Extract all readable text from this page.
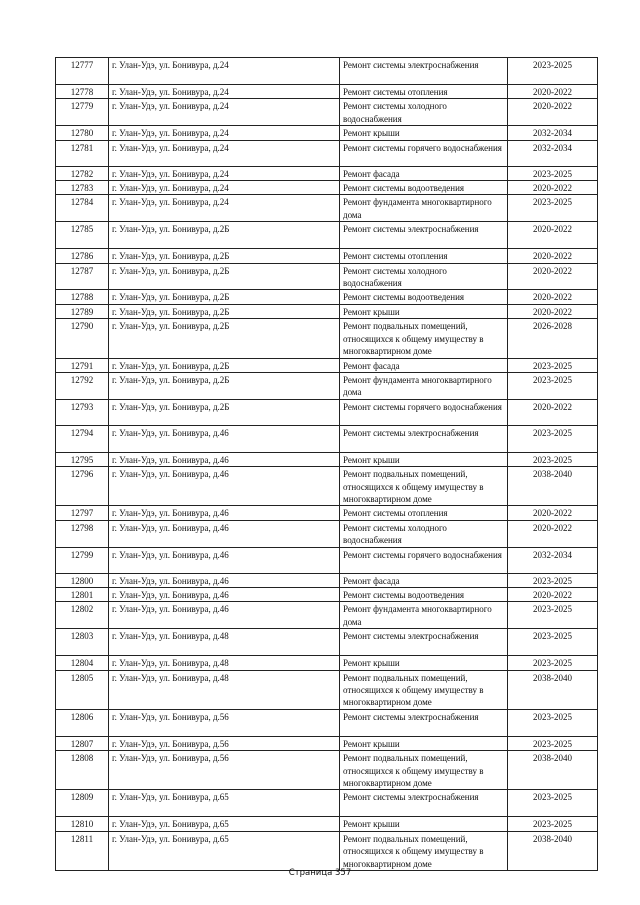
12777	г. Улан-Удэ, ул. Бонивура, д.24	Ремонт системы электроснабжения	2023-2025
12778	г. Улан-Удэ, ул. Бонивура, д.24	Ремонт системы отопления	2020-2022
12779	г. Улан-Удэ, ул. Бонивура, д.24	Ремонт системы холодного водоснабжения	2020-2022
12780	г. Улан-Удэ, ул. Бонивура, д.24	Ремонт крыши	2032-2034
12781	г. Улан-Удэ, ул. Бонивура, д.24	Ремонт системы горячего водоснабжения	2032-2034
12782	г. Улан-Удэ, ул. Бонивура, д.24	Ремонт фасада	2023-2025
12783	г. Улан-Удэ, ул. Бонивура, д.24	Ремонт системы водоотведения	2020-2022
12784	г. Улан-Удэ, ул. Бонивура, д.24	Ремонт фундамента многоквартирного дома	2023-2025
12785	г. Улан-Удэ, ул. Бонивура, д.2Б	Ремонт системы электроснабжения	2020-2022
12786	г. Улан-Удэ, ул. Бонивура, д.2Б	Ремонт системы отопления	2020-2022
12787	г. Улан-Удэ, ул. Бонивура, д.2Б	Ремонт системы холодного водоснабжения	2020-2022
12788	г. Улан-Удэ, ул. Бонивура, д.2Б	Ремонт системы водоотведения	2020-2022
12789	г. Улан-Удэ, ул. Бонивура, д.2Б	Ремонт крыши	2020-2022
12790	г. Улан-Удэ, ул. Бонивура, д.2Б	Ремонт подвальных помещений, относящихся к общему имуществу в многоквартирном доме	2026-2028
12791	г. Улан-Удэ, ул. Бонивура, д.2Б	Ремонт фасада	2023-2025
12792	г. Улан-Удэ, ул. Бонивура, д.2Б	Ремонт фундамента многоквартирного дома	2023-2025
12793	г. Улан-Удэ, ул. Бонивура, д.2Б	Ремонт системы горячего водоснабжения	2020-2022
12794	г. Улан-Удэ, ул. Бонивура, д.46	Ремонт системы электроснабжения	2023-2025
12795	г. Улан-Удэ, ул. Бонивура, д.46	Ремонт крыши	2023-2025
12796	г. Улан-Удэ, ул. Бонивура, д.46	Ремонт подвальных помещений, относящихся к общему имуществу в многоквартирном доме	2038-2040
12797	г. Улан-Удэ, ул. Бонивура, д.46	Ремонт системы отопления	2020-2022
12798	г. Улан-Удэ, ул. Бонивура, д.46	Ремонт системы холодного водоснабжения	2020-2022
12799	г. Улан-Удэ, ул. Бонивура, д.46	Ремонт системы горячего водоснабжения	2032-2034
12800	г. Улан-Удэ, ул. Бонивура, д.46	Ремонт фасада	2023-2025
12801	г. Улан-Удэ, ул. Бонивура, д.46	Ремонт системы водоотведения	2020-2022
12802	г. Улан-Удэ, ул. Бонивура, д.46	Ремонт фундамента многоквартирного дома	2023-2025
12803	г. Улан-Удэ, ул. Бонивура, д.48	Ремонт системы электроснабжения	2023-2025
12804	г. Улан-Удэ, ул. Бонивура, д.48	Ремонт крыши	2023-2025
12805	г. Улан-Удэ, ул. Бонивура, д.48	Ремонт подвальных помещений, относящихся к общему имуществу в многоквартирном доме	2038-2040
12806	г. Улан-Удэ, ул. Бонивура, д.56	Ремонт системы электроснабжения	2023-2025
12807	г. Улан-Удэ, ул. Бонивура, д.56	Ремонт крыши	2023-2025
12808	г. Улан-Удэ, ул. Бонивура, д.56	Ремонт подвальных помещений, относящихся к общему имуществу в многоквартирном доме	2038-2040
12809	г. Улан-Удэ, ул. Бонивура, д.65	Ремонт системы электроснабжения	2023-2025
12810	г. Улан-Удэ, ул. Бонивура, д.65	Ремонт крыши	2023-2025
12811	г. Улан-Удэ, ул. Бонивура, д.65	Ремонт подвальных помещений, относящихся к общему имуществу в многоквартирном доме	2038-2040
Страница 357
